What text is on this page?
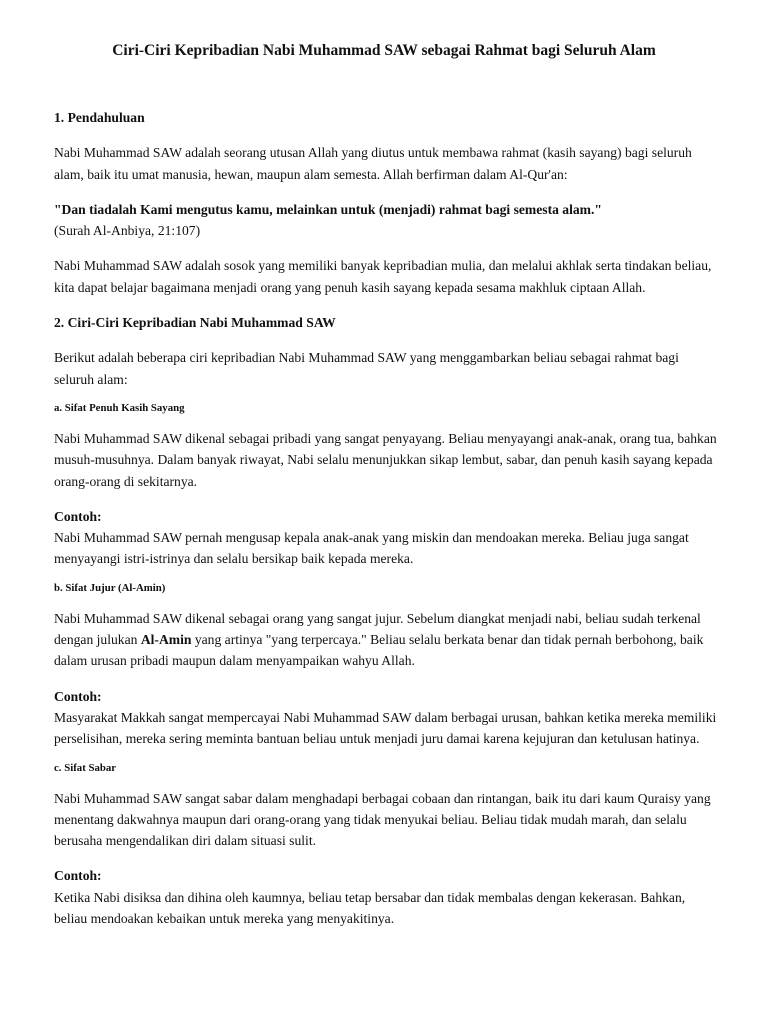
Ciri-Ciri Kepribadian Nabi Muhammad SAW sebagai Rahmat bagi Seluruh Alam
1. Pendahuluan

Nabi Muhammad SAW adalah seorang utusan Allah yang diutus untuk membawa rahmat (kasih sayang) bagi seluruh alam, baik itu umat manusia, hewan, maupun alam semesta. Allah berfirman dalam Al-Qur'an:

"Dan tiadalah Kami mengutus kamu, melainkan untuk (menjadi) rahmat bagi semesta alam."
(Surah Al-Anbiya, 21:107)

Nabi Muhammad SAW adalah sosok yang memiliki banyak kepribadian mulia, dan melalui akhlak serta tindakan beliau, kita dapat belajar bagaimana menjadi orang yang penuh kasih sayang kepada sesama makhluk ciptaan Allah.

2. Ciri-Ciri Kepribadian Nabi Muhammad SAW

Berikut adalah beberapa ciri kepribadian Nabi Muhammad SAW yang menggambarkan beliau sebagai rahmat bagi seluruh alam:

a. Sifat Penuh Kasih Sayang

Nabi Muhammad SAW dikenal sebagai pribadi yang sangat penyayang. Beliau menyayangi anak-anak, orang tua, bahkan musuh-musuhnya. Dalam banyak riwayat, Nabi selalu menunjukkan sikap lembut, sabar, dan penuh kasih sayang kepada orang-orang di sekitarnya.

Contoh:
Nabi Muhammad SAW pernah mengusap kepala anak-anak yang miskin dan mendoakan mereka. Beliau juga sangat menyayangi istri-istrinya dan selalu bersikap baik kepada mereka.

b. Sifat Jujur (Al-Amin)

Nabi Muhammad SAW dikenal sebagai orang yang sangat jujur. Sebelum diangkat menjadi nabi, beliau sudah terkenal dengan julukan Al-Amin yang artinya "yang terpercaya." Beliau selalu berkata benar dan tidak pernah berbohong, baik dalam urusan pribadi maupun dalam menyampaikan wahyu Allah.

Contoh:
Masyarakat Makkah sangat mempercayai Nabi Muhammad SAW dalam berbagai urusan, bahkan ketika mereka memiliki perselisihan, mereka sering meminta bantuan beliau untuk menjadi juru damai karena kejujuran dan ketulusan hatinya.

c. Sifat Sabar

Nabi Muhammad SAW sangat sabar dalam menghadapi berbagai cobaan dan rintangan, baik itu dari kaum Quraisy yang menentang dakwahnya maupun dari orang-orang yang tidak menyukai beliau. Beliau tidak mudah marah, dan selalu berusaha mengendalikan diri dalam situasi sulit.

Contoh:
Ketika Nabi disiksa dan dihina oleh kaumnya, beliau tetap bersabar dan tidak membalas dengan kekerasan. Bahkan, beliau mendoakan kebaikan untuk mereka yang menyakitinya.
